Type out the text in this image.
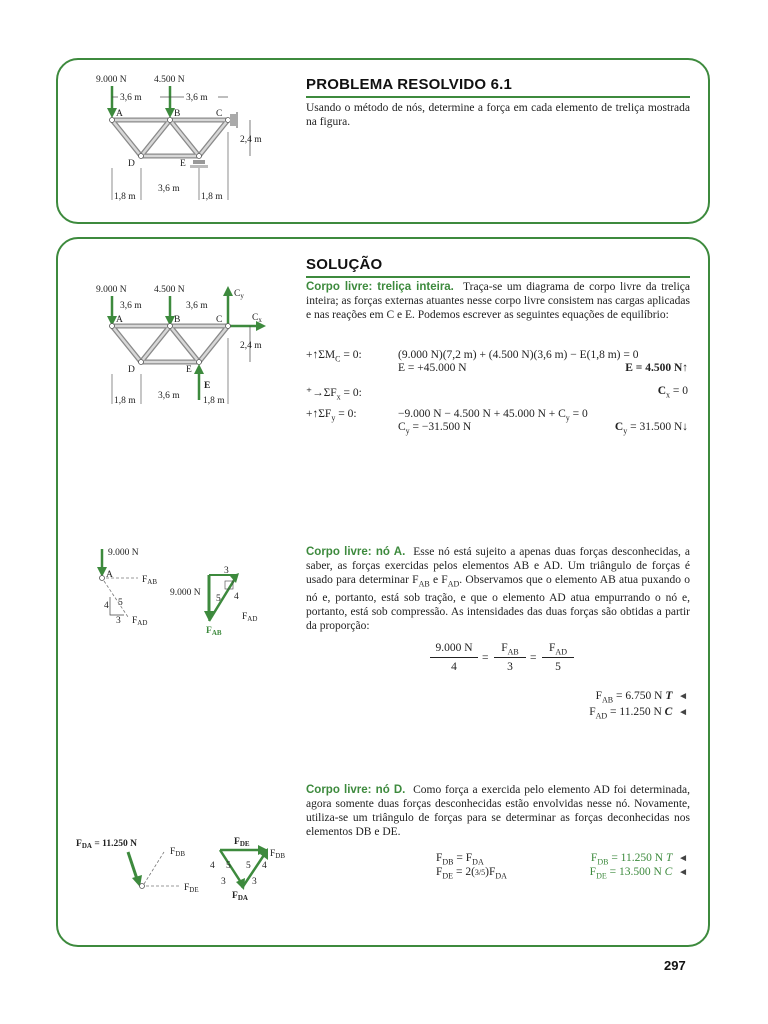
9.000 N	4.500 N
3,6 m	3,6 m
A	B	C
D	E
2,4 m
1,8 m
3,6 m
1,8 m
PROBLEMA RESOLVIDO 6.1
Usando o método de nós, determine a força em cada elemento de treliça mostrada na figura.
SOLUÇÃO
9.000 N	4.500 N
3,6 m	3,6 m
$C_y$
$C_x$
A	B	C
D	E
E
2,4 m
1,8 m 3,6 m 1,8 m
Corpo livre: treliça inteira. Traça-se um diagrama de corpo livre da treliça inteira; as forças externas atuantes nesse corpo livre consistem nas cargas aplicadas e nas reações em C e E. Podemos escrever as seguintes equações de equilíbrio:
$+↑\Sigma M_C = 0$:	(9.000 N)(7,2 m) + (4.500 N)(3,6 m) − E(1,8 m) = 0
E = +45.000 N	E = 4.500 N↑
$^+\to\Sigma F_x = 0$:	$C_x = 0$
$+↑\Sigma F_y = 0$:	−9.000 N − 4.500 N + 45.000 $N + C_y = 0$
$C_y = -31.500$ N	$C_y = 31.500$ N↓
9.000 N
A	$F_{AB}$
$F_{AD}$
4
3
5
9.000 N
3
5 4
$F_{AD}$
$F_{AB}$
Corpo livre: nó A. Esse nó está sujeito a apenas duas forças desconhecidas, a saber, as forças exercidas pelos elementos AB e AD. Um triângulo de forças é usado para determinar $F_{AB}$ e $F_{AD}$. Observamos que o elemento AB atua puxando o nó e, portanto, está sob tração, e que o elemento AD atua empurrando o nó e, portanto, está sob compressão. As intensidades das duas forças são obtidas a partir da proporção:
9.000 N
4
=
$F_{AB}$
3
=
$F_{AD}$
5
$F_{AB} = 6.750$ N T ◄
$F_{AD} = 11.250$ N C ◄
$F_{DA} = 11.250$ N
$F_{DB}$
$F_{DE}$
$F_{DE}$
$F_{DB}$
4 5 5 4
3	3
$F_{DA}$
Corpo livre: nó D. Como força a exercida pelo elemento AD foi determinada, agora somente duas forças desconhecidas estão envolvidas nesse nó. Novamente, utiliza-se um triângulo de forças para se determinar as forças deconhecidas nos elementos DB e DE.
$F_{DB} = F_{DA}$
$F_{DE} = 2(3/5)F_{DA}$
$F_{DB} = 11.250$ N T ◄
$F_{DE} = 13.500$ N C ◄
297
